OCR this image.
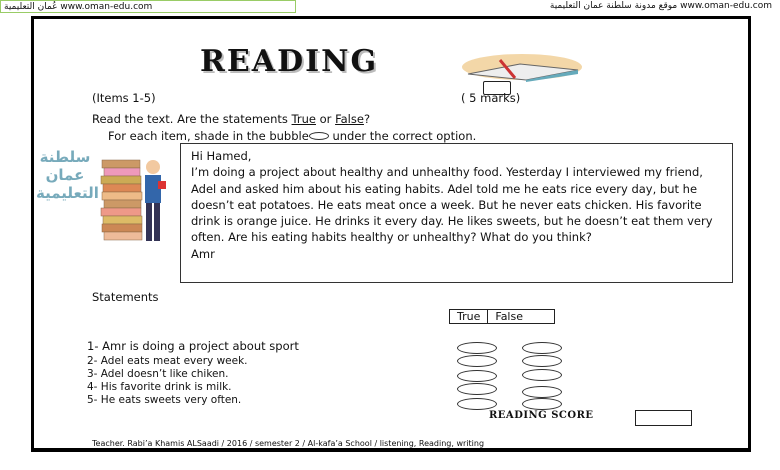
عُمان التعليمية www.oman-edu.com	موقع مدونة سلطنة عمان التعليمية www.oman-edu.com
سلطنة عمان التعليمية
READING
(Items 1-5)	( 5 marks)
Read the text. Are the statements True or False?
For each item, shade in the bubble under the correct option.

Hi Hamed,

I’m doing a project about healthy and unhealthy food. Yesterday I interviewed my friend, Adel and asked him about his eating habits. Adel told me he eats rice every day, but he doesn’t eat potatoes. He eats meat once a week. But he never eats chicken. His favorite drink is orange juice. He drinks it every day. He likes sweets, but he doesn’t eat them very often. Are his eating habits healthy or unhealthy? What do you think?

Amr

Statements
True	False
1- Amr is doing a project about sport
2- Adel eats meat every week.
3- Adel doesn’t like chiken.
4- His favorite drink is milk.
5- He eats sweets very often.
READING SCORE
Teacher. Rabi’a Khamis ALSaadi / 2016 / semester 2 / Al-kafa’a School / listening, Reading, writing
